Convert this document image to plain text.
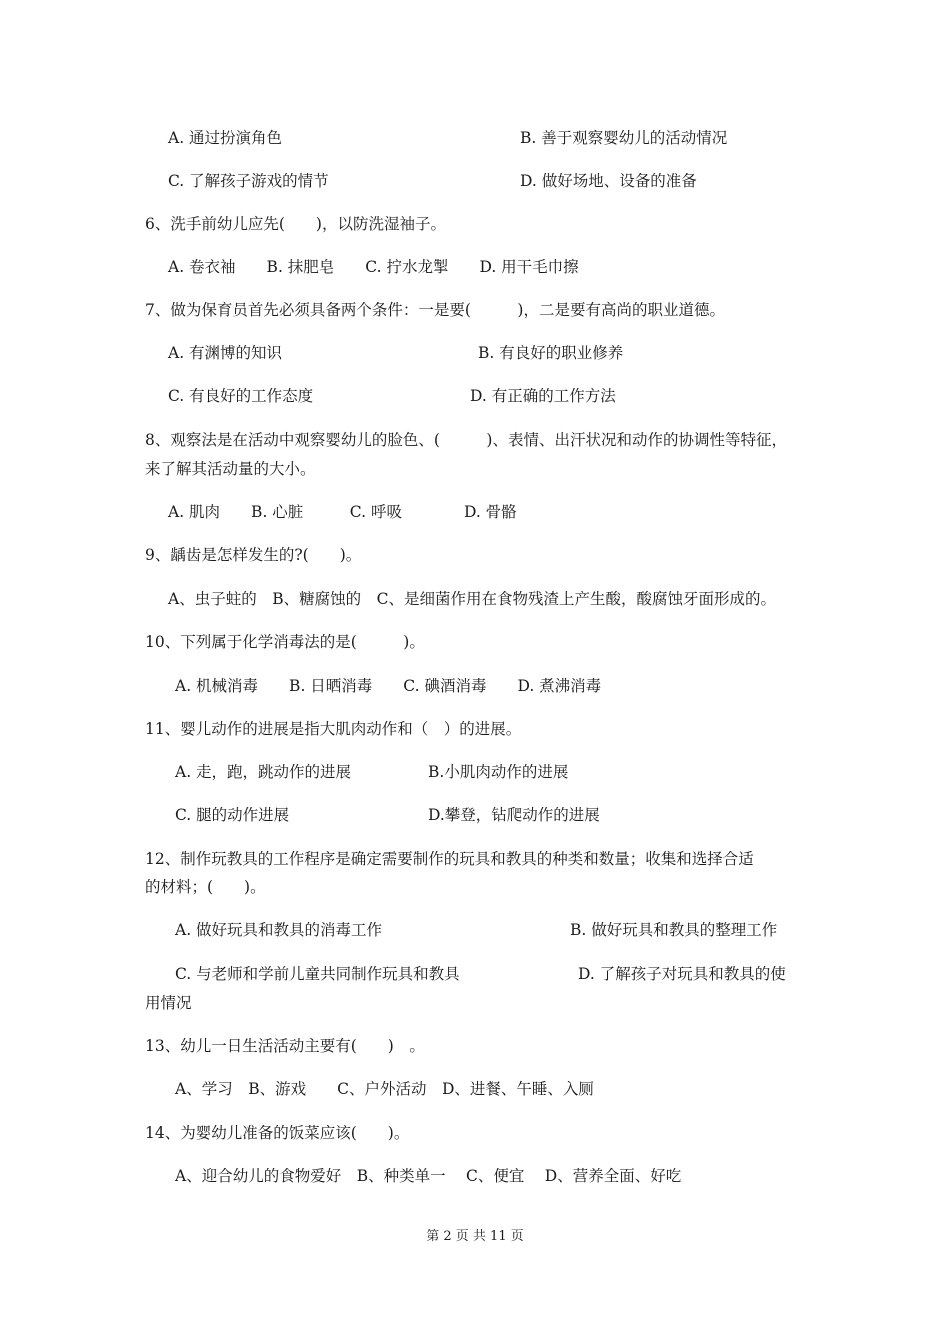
A. 通过扮演角色	B. 善于观察婴幼儿的活动情况
C. 了解孩子游戏的情节	D. 做好场地、设备的准备
6、洗手前幼儿应先(　　)，以防洗湿袖子。
A. 卷衣袖　　B. 抹肥皂　　C. 拧水龙掣　　D. 用干毛巾擦
7、做为保育员首先必须具备两个条件：一是要(　　　)，二是要有高尚的职业道德。
A. 有渊博的知识	B. 有良好的职业修养
C. 有良好的工作态度	D. 有正确的工作方法
8、观察法是在活动中观察婴幼儿的脸色、(　　　)、表情、出汗状况和动作的协调性等特征，
来了解其活动量的大小。
A. 肌肉　　B. 心脏　　　C. 呼吸　　　　D. 骨骼
9、龋齿是怎样发生的?(　　)。
A、虫子蛀的　B、糖腐蚀的　C、是细菌作用在食物残渣上产生酸，酸腐蚀牙面形成的。
10、下列属于化学消毒法的是(　　　)。
A. 机械消毒　　B. 日晒消毒　　C. 碘酒消毒　　D. 煮沸消毒
11、婴儿动作的进展是指大肌肉动作和（　）的进展。
A. 走，跑，跳动作的进展	B.小肌肉动作的进展
C. 腿的动作进展	D.攀登，钻爬动作的进展
12、制作玩教具的工作程序是确定需要制作的玩具和教具的种类和数量；收集和选择合适
的材料；(　　)。
A. 做好玩具和教具的消毒工作	B. 做好玩具和教具的整理工作
C. 与老师和学前儿童共同制作玩具和教具	D. 了解孩子对玩具和教具的使
用情况
13、幼儿一日生活活动主要有(　　)　。
A、学习　B、游戏　　C、户外活动　D、进餐、午睡、入厕
14、为婴幼儿准备的饭菜应该(　　)。
A、迎合幼儿的食物爱好　B、种类单一　 C、便宜　 D、营养全面、好吃
第 2 页 共 11 页
